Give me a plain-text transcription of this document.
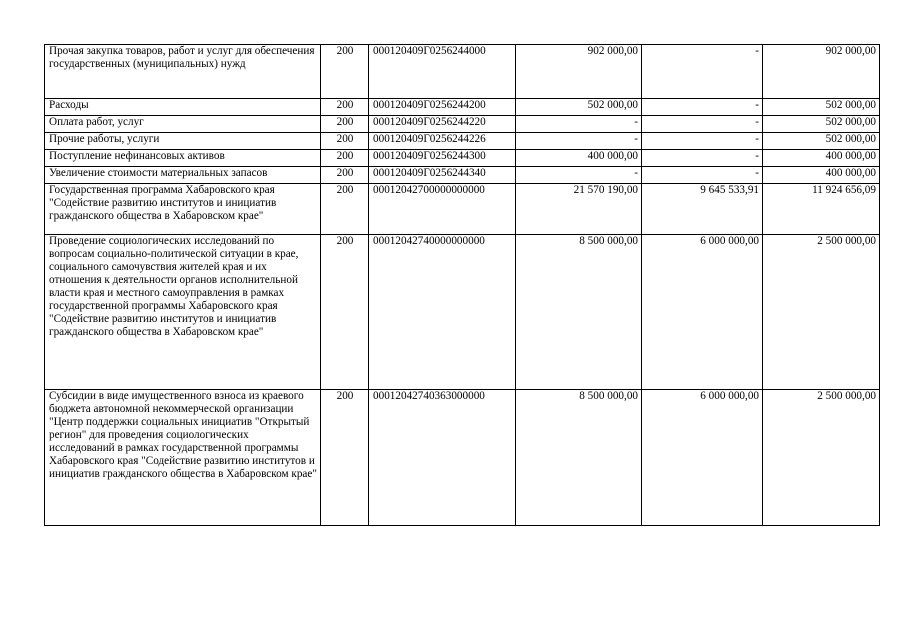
Прочая закупка товаров, работ и услуг для обеспечения государственных (муниципальных) нужд	200	000120409Г0256244000	902 000,00	-	902 000,00
Расходы	200	000120409Г0256244200	502 000,00	-	502 000,00
Оплата работ, услуг	200	000120409Г0256244220	-	-	502 000,00
Прочие работы, услуги	200	000120409Г0256244226	-	-	502 000,00
Поступление нефинансовых активов	200	000120409Г0256244300	400 000,00	-	400 000,00
Увеличение стоимости материальных запасов	200	000120409Г0256244340	-	-	400 000,00
Государственная программа Хабаровского края "Содействие развитию институтов и инициатив гражданского общества в Хабаровском крае"	200	00012042700000000000	21 570 190,00	9 645 533,91	11 924 656,09
Проведение социологических исследований по вопросам социально-политической ситуации в крае, социального самочувствия жителей края и их отношения к деятельности органов исполнительной власти края и местного самоуправления в рамках государственной программы Хабаровского края "Содействие развитию институтов и инициатив гражданского общества в Хабаровском крае"	200	00012042740000000000	8 500 000,00	6 000 000,00	2 500 000,00
Субсидии в виде имущественного взноса из краевого бюджета автономной некоммерческой организации "Центр поддержки социальных инициатив "Открытый регион" для проведения социологических исследований в рамках государственной программы Хабаровского края "Содействие развитию институтов и инициатив гражданского общества в Хабаровском крае"	200	00012042740363000000	8 500 000,00	6 000 000,00	2 500 000,00
